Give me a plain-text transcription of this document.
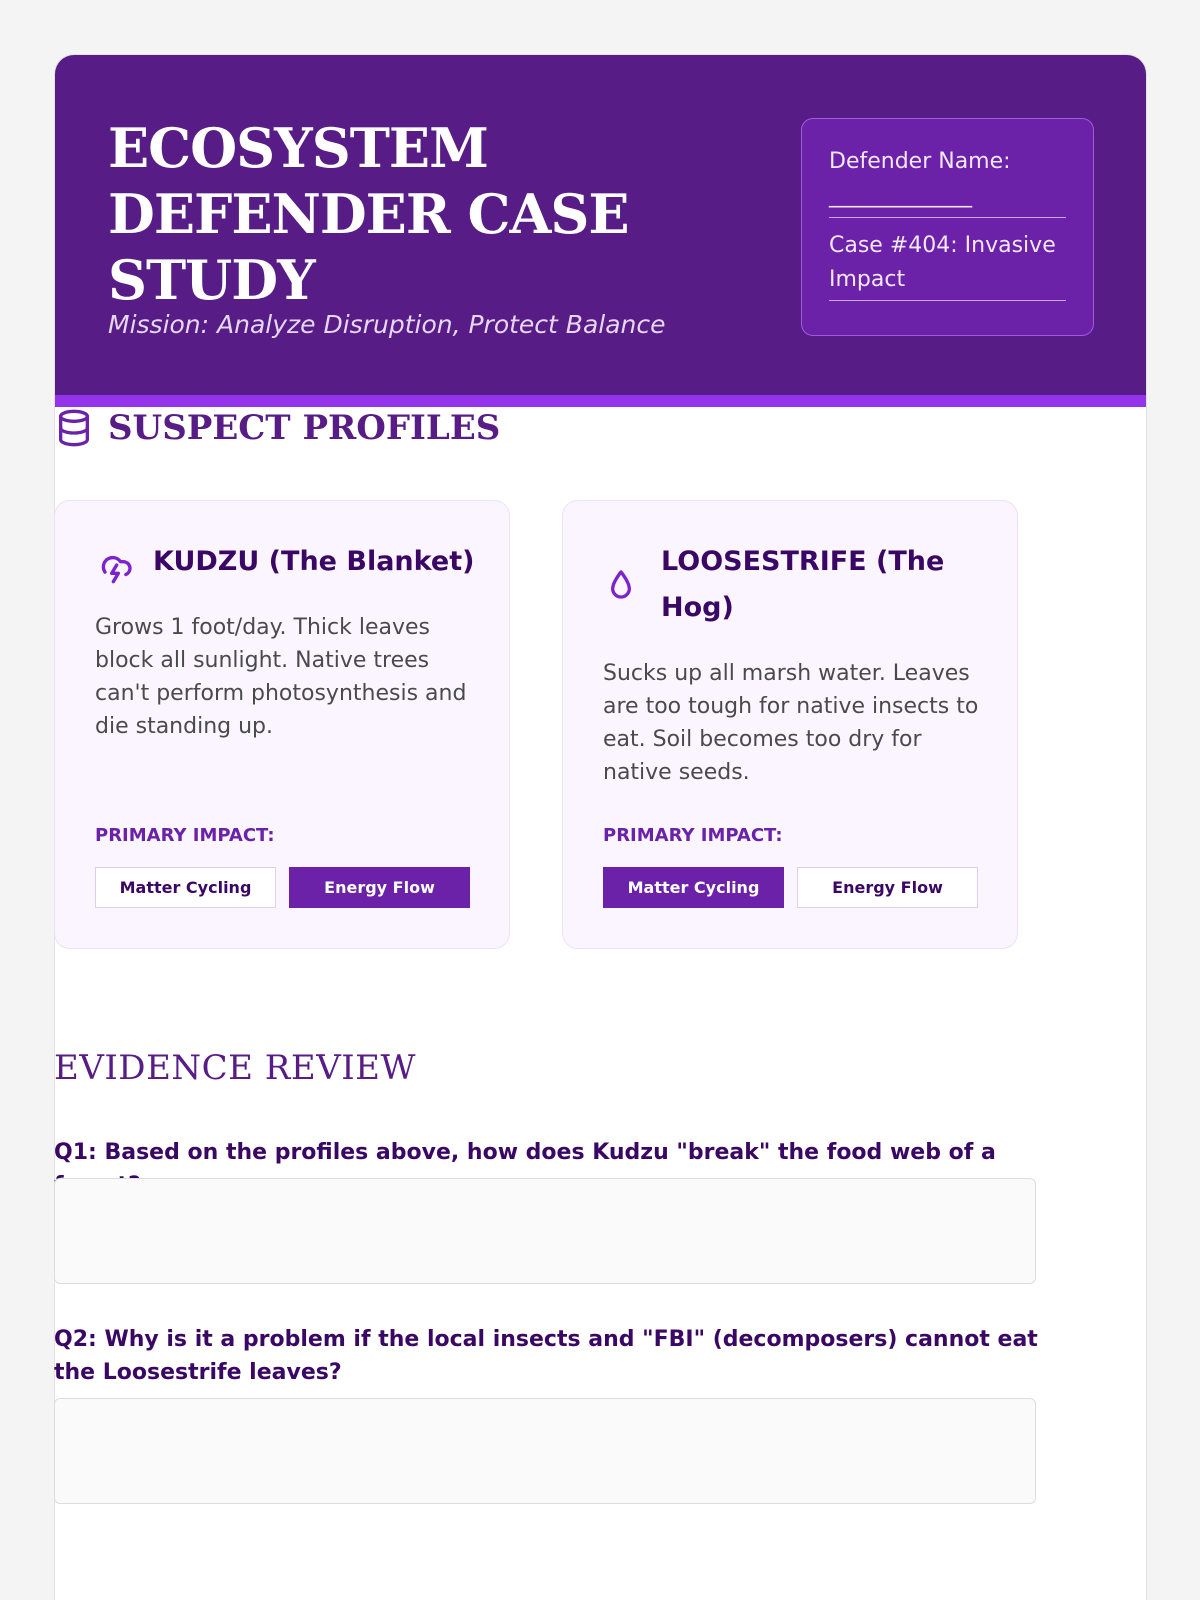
ECOSYSTEM DEFENDER CASE STUDY
Mission: Analyze Disruption, Protect Balance
Defender Name: _____________
Case #404: Invasive Impact
SUSPECT PROFILES
KUDZU (The Blanket)
Grows 1 foot/day. Thick leaves block all sunlight. Native trees can't perform photosynthesis and die standing up.
PRIMARY IMPACT:
Matter Cycling	Energy Flow
LOOSESTRIFE (The Hog)
Sucks up all marsh water. Leaves are too tough for native insects to eat. Soil becomes too dry for native seeds.
PRIMARY IMPACT:
Matter Cycling	Energy Flow
EVIDENCE REVIEW
Q1: Based on the profiles above, how does Kudzu "break" the food web of a
Q2: Why is it a problem if the local insects and "FBI" (decomposers) cannot eat the Loosestrife leaves?
